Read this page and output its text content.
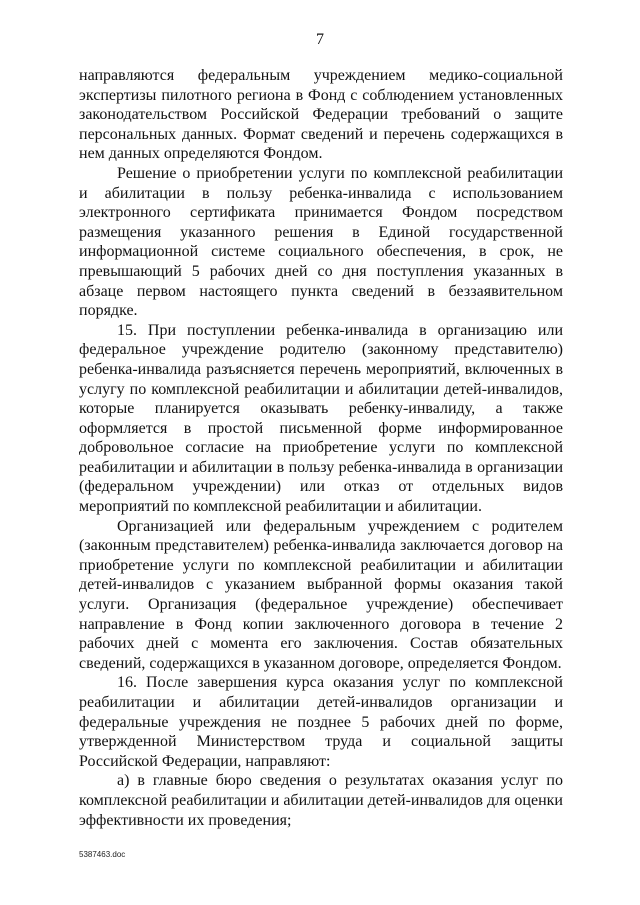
7

направляются федеральным учреждением медико-социальной экспертизы пилотного региона в Фонд с соблюдением установленных законодательством Российской Федерации требований о защите персональных данных. Формат сведений и перечень содержащихся в нем данных определяются Фондом.

Решение о приобретении услуги по комплексной реабилитации и абилитации в пользу ребенка-инвалида с использованием электронного сертификата принимается Фондом посредством размещения указанного решения в Единой государственной информационной системе социального обеспечения, в срок, не превышающий 5 рабочих дней со дня поступления указанных в абзаце первом настоящего пункта сведений в беззаявительном порядке.

15. При поступлении ребенка-инвалида в организацию или федеральное учреждение родителю (законному представителю) ребенка-инвалида разъясняется перечень мероприятий, включенных в услугу по комплексной реабилитации и абилитации детей-инвалидов, которые планируется оказывать ребенку-инвалиду, а также оформляется в простой письменной форме информированное добровольное согласие на приобретение услуги по комплексной реабилитации и абилитации в пользу ребенка-инвалида в организации (федеральном учреждении) или отказ от отдельных видов мероприятий по комплексной реабилитации и абилитации.

Организацией или федеральным учреждением с родителем (законным представителем) ребенка-инвалида заключается договор на приобретение услуги по комплексной реабилитации и абилитации детей-инвалидов с указанием выбранной формы оказания такой услуги. Организация (федеральное учреждение) обеспечивает направление в Фонд копии заключенного договора в течение 2 рабочих дней с момента его заключения. Состав обязательных сведений, содержащихся в указанном договоре, определяется Фондом.

16. После завершения курса оказания услуг по комплексной реабилитации и абилитации детей-инвалидов организации и федеральные учреждения не позднее 5 рабочих дней по форме, утвержденной Министерством труда и социальной защиты Российской Федерации, направляют:

а) в главные бюро сведения о результатах оказания услуг по комплексной реабилитации и абилитации детей-инвалидов для оценки эффективности их проведения;

5387463.doc
